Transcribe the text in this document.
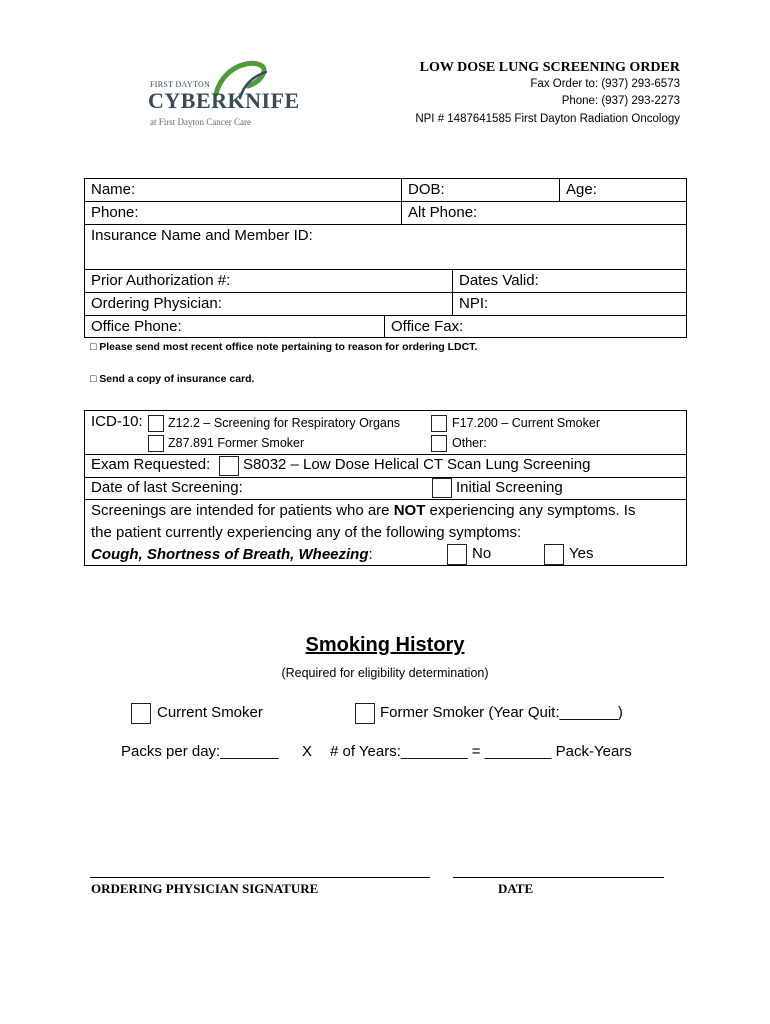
FIRST DAYTON
CYBERKNIFE
at First Dayton Cancer Care
LOW DOSE LUNG SCREENING ORDER
Fax Order to: (937) 293-6573
Phone: (937) 293-2273
NPI # 1487641585 First Dayton Radiation Oncology
Name:	DOB:	Age:
Phone:	Alt Phone:
Insurance Name and Member ID:
Prior Authorization #:	Dates Valid:
Ordering Physician:	NPI:
Office Phone:	Office Fax:
□ Please send most recent office note pertaining to reason for ordering LDCT.
□ Send a copy of insurance card.
ICD-10: Z12.2 – Screening for Respiratory Organs	F17.200 – Current Smoker
Z87.891 Former Smoker	Other:
Exam Requested: S8032 – Low Dose Helical CT Scan Lung Screening
Date of last Screening:	Initial Screening
Screenings are intended for patients who are NOT experiencing any symptoms. Is
the patient currently experiencing any of the following symptoms:
Cough, Shortness of Breath, Wheezing:	No	Yes
Smoking History
(Required for eligibility determination)
Current Smoker	Former Smoker (Year Quit:_______)
Packs per day:_______ X # of Years:________ = ________ Pack-Years
ORDERING PHYSICIAN SIGNATURE	DATE
